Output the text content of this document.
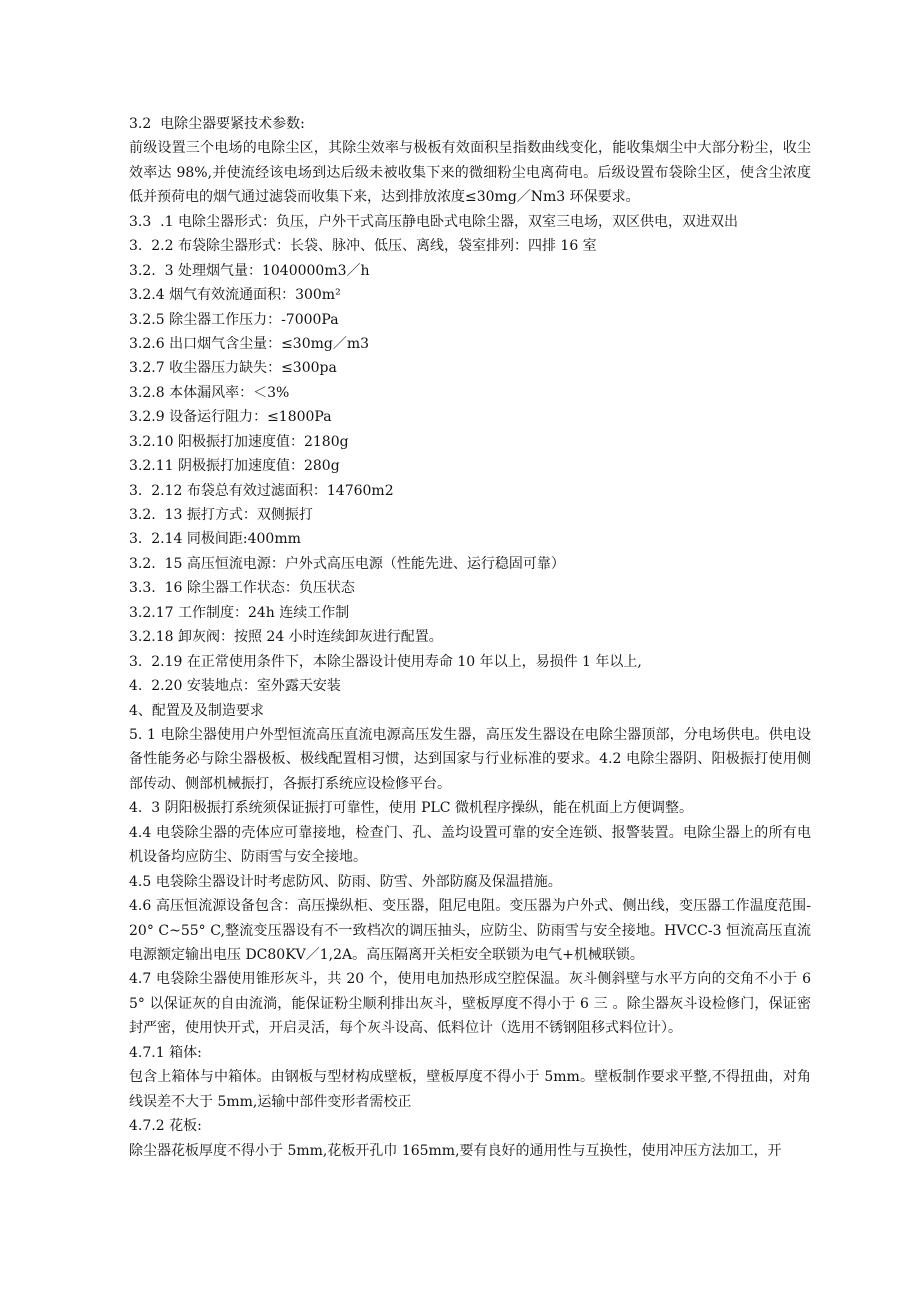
3.2  电除尘器要紧技术参数:

前级设置三个电场的电除尘区，其除尘效率与极板有效面积呈指数曲线变化，能收集烟尘中大部分粉尘，收尘效率达 98%,并使流经该电场到达后级未被收集下来的微细粉尘电离荷电。后级设置布袋除尘区，使含尘浓度低并预荷电的烟气通过滤袋而收集下来，达到排放浓度≤30mg／Nm3 环保要求。

3.3  .1 电除尘器形式：负压，户外干式高压静电卧式电除尘器，双室三电场，双区供电，双进双出

3.  2.2 布袋除尘器形式：长袋、脉冲、低压、离线，袋室排列：四排 16 室

3.2.  3 处理烟气量：1040000m3／h

3.2.4 烟气有效流通面积：300m²

3.2.5 除尘器工作压力：-7000Pa

3.2.6 出口烟气含尘量：≤30mg／m3

3.2.7 收尘器压力缺失：≤300pa

3.2.8 本体漏风率：＜3%

3.2.9 设备运行阻力：≤1800Pa

3.2.10 阳极振打加速度值：2180g

3.2.11 阴极振打加速度值：280g

3.  2.12 布袋总有效过滤面积：14760m2

3.2.  13 振打方式：双侧振打

3.  2.14 同极间距:400mm

3.2.  15 高压恒流电源：户外式高压电源（性能先进、运行稳固可靠）

3.3.  16 除尘器工作状态：负压状态

3.2.17 工作制度：24h 连续工作制

3.2.18 卸灰阀：按照 24 小时连续卸灰进行配置。

3.  2.19 在正常使用条件下，本除尘器设计使用寿命 10 年以上，易损件 1 年以上,

4.  2.20 安装地点：室外露天安装

4、配置及及制造要求

5. 1 电除尘器使用户外型恒流高压直流电源高压发生器，高压发生器设在电除尘器顶部，分电场供电。供电设备性能务必与除尘器极板、极线配置相习惯，达到国家与行业标准的要求。4.2 电除尘器阴、阳极振打使用侧部传动、侧部机械振打，各振打系统应设检修平台。

4.  3 阴阳极振打系统须保证振打可靠性，使用 PLC 微机程序操纵，能在机面上方便调整。

4.4 电袋除尘器的壳体应可靠接地，检查门、孔、盖均设置可靠的安全连锁、报警装置。电除尘器上的所有电机设备均应防尘、防雨雪与安全接地。

4.5 电袋除尘器设计时考虑防风、防雨、防雪、外部防腐及保温措施。

4.6 高压恒流源设备包含：高压操纵柜、变压器，阻尼电阻。变压器为户外式、侧出线，变压器工作温度范围-20° C~55° C,整流变压器设有不一致档次的调压抽头，应防尘、防雨雪与安全接地。HVCC-3 恒流高压直流电源额定输出电压 DC80KV／1,2A。高压隔离开关柜安全联锁为电气+机械联锁。

4.7 电袋除尘器使用锥形灰斗，共 20 个，使用电加热形成空腔保温。灰斗侧斜壁与水平方向的交角不小于 65° 以保证灰的自由流淌，能保证粉尘顺利排出灰斗，壁板厚度不得小于 6 三 。除尘器灰斗设检修门，保证密封严密，使用快开式，开启灵活，每个灰斗设高、低料位计（选用不锈钢阻移式料位计）。

4.7.1 箱体:

包含上箱体与中箱体。由钢板与型材构成壁板，壁板厚度不得小于 5mm。壁板制作要求平整,不得扭曲，对角线误差不大于 5mm,运输中部件变形者需校正

4.7.2 花板:

除尘器花板厚度不得小于 5mm,花板开孔巾 165mm,要有良好的通用性与互换性，使用冲压方法加工，开
